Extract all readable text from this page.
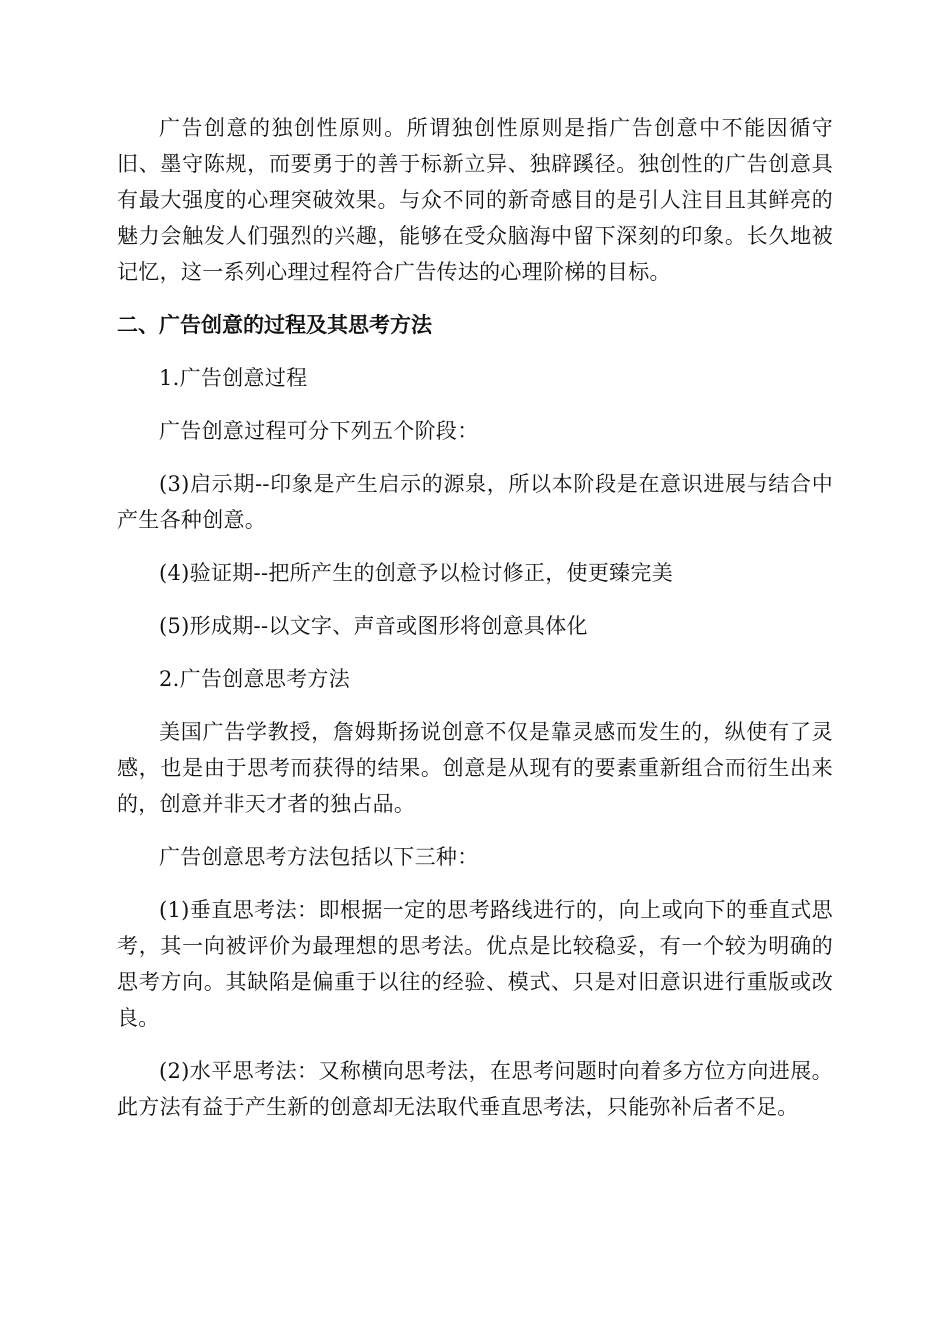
广告创意的独创性原则。所谓独创性原则是指广告创意中不能因循守旧、墨守陈规，而要勇于的善于标新立异、独辟蹊径。独创性的广告创意具有最大强度的心理突破效果。与众不同的新奇感目的是引人注目且其鲜亮的魅力会触发人们强烈的兴趣，能够在受众脑海中留下深刻的印象。长久地被记忆，这一系列心理过程符合广告传达的心理阶梯的目标。

二、广告创意的过程及其思考方法

1.广告创意过程

广告创意过程可分下列五个阶段：

(3)启示期--印象是产生启示的源泉，所以本阶段是在意识进展与结合中产生各种创意。

(4)验证期--把所产生的创意予以检讨修正，使更臻完美

(5)形成期--以文字、声音或图形将创意具体化

2.广告创意思考方法

美国广告学教授，詹姆斯扬说创意不仅是靠灵感而发生的，纵使有了灵感，也是由于思考而获得的结果。创意是从现有的要素重新组合而衍生出来的，创意并非天才者的独占品。

广告创意思考方法包括以下三种：

(1)垂直思考法：即根据一定的思考路线进行的，向上或向下的垂直式思考，其一向被评价为最理想的思考法。优点是比较稳妥，有一个较为明确的思考方向。其缺陷是偏重于以往的经验、模式、只是对旧意识进行重版或改良。

(2)水平思考法：又称横向思考法，在思考问题时向着多方位方向进展。此方法有益于产生新的创意却无法取代垂直思考法，只能弥补后者不足。
